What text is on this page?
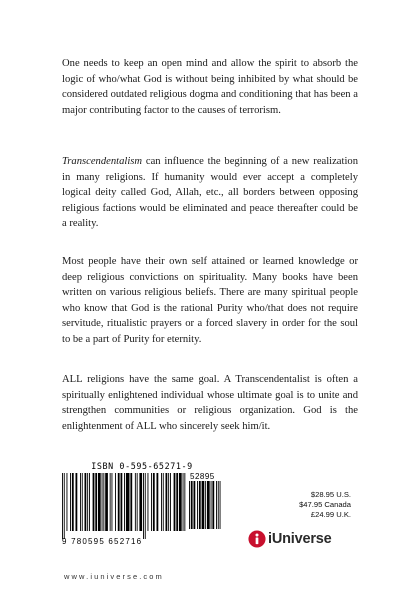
One needs to keep an open mind and allow the spirit to absorb the logic of who/what God is without being inhibited by what should be considered outdated religious dogma and conditioning that has been a major contributing factor to the causes of terrorism.

Transcendentalism can influence the beginning of a new realization in many religions. If humanity would ever accept a completely logical deity called God, Allah, etc., all borders between opposing religious factions would be eliminated and peace thereafter could be a reality.

Most people have their own self attained or learned knowledge or deep religious convictions on spirituality. Many books have been written on various religious beliefs. There are many spiritual people who know that God is the rational Purity who/that does not require servitude, ritualistic prayers or a forced slavery in order for the soul to be a part of Purity for eternity.

ALL religions have the same goal. A Transcendentalist is often a spiritually enlightened individual whose ultimate goal is to unite and strengthen communities or religious organization. God is the enlightenment of ALL who sincerely seek him/it.

ISBN 0-595-65271-9
52895
9 780595 652716
www.iuniverse.com
$28.95 U.S.
$47.95 Canada
£24.99 U.K.
iUniverse
